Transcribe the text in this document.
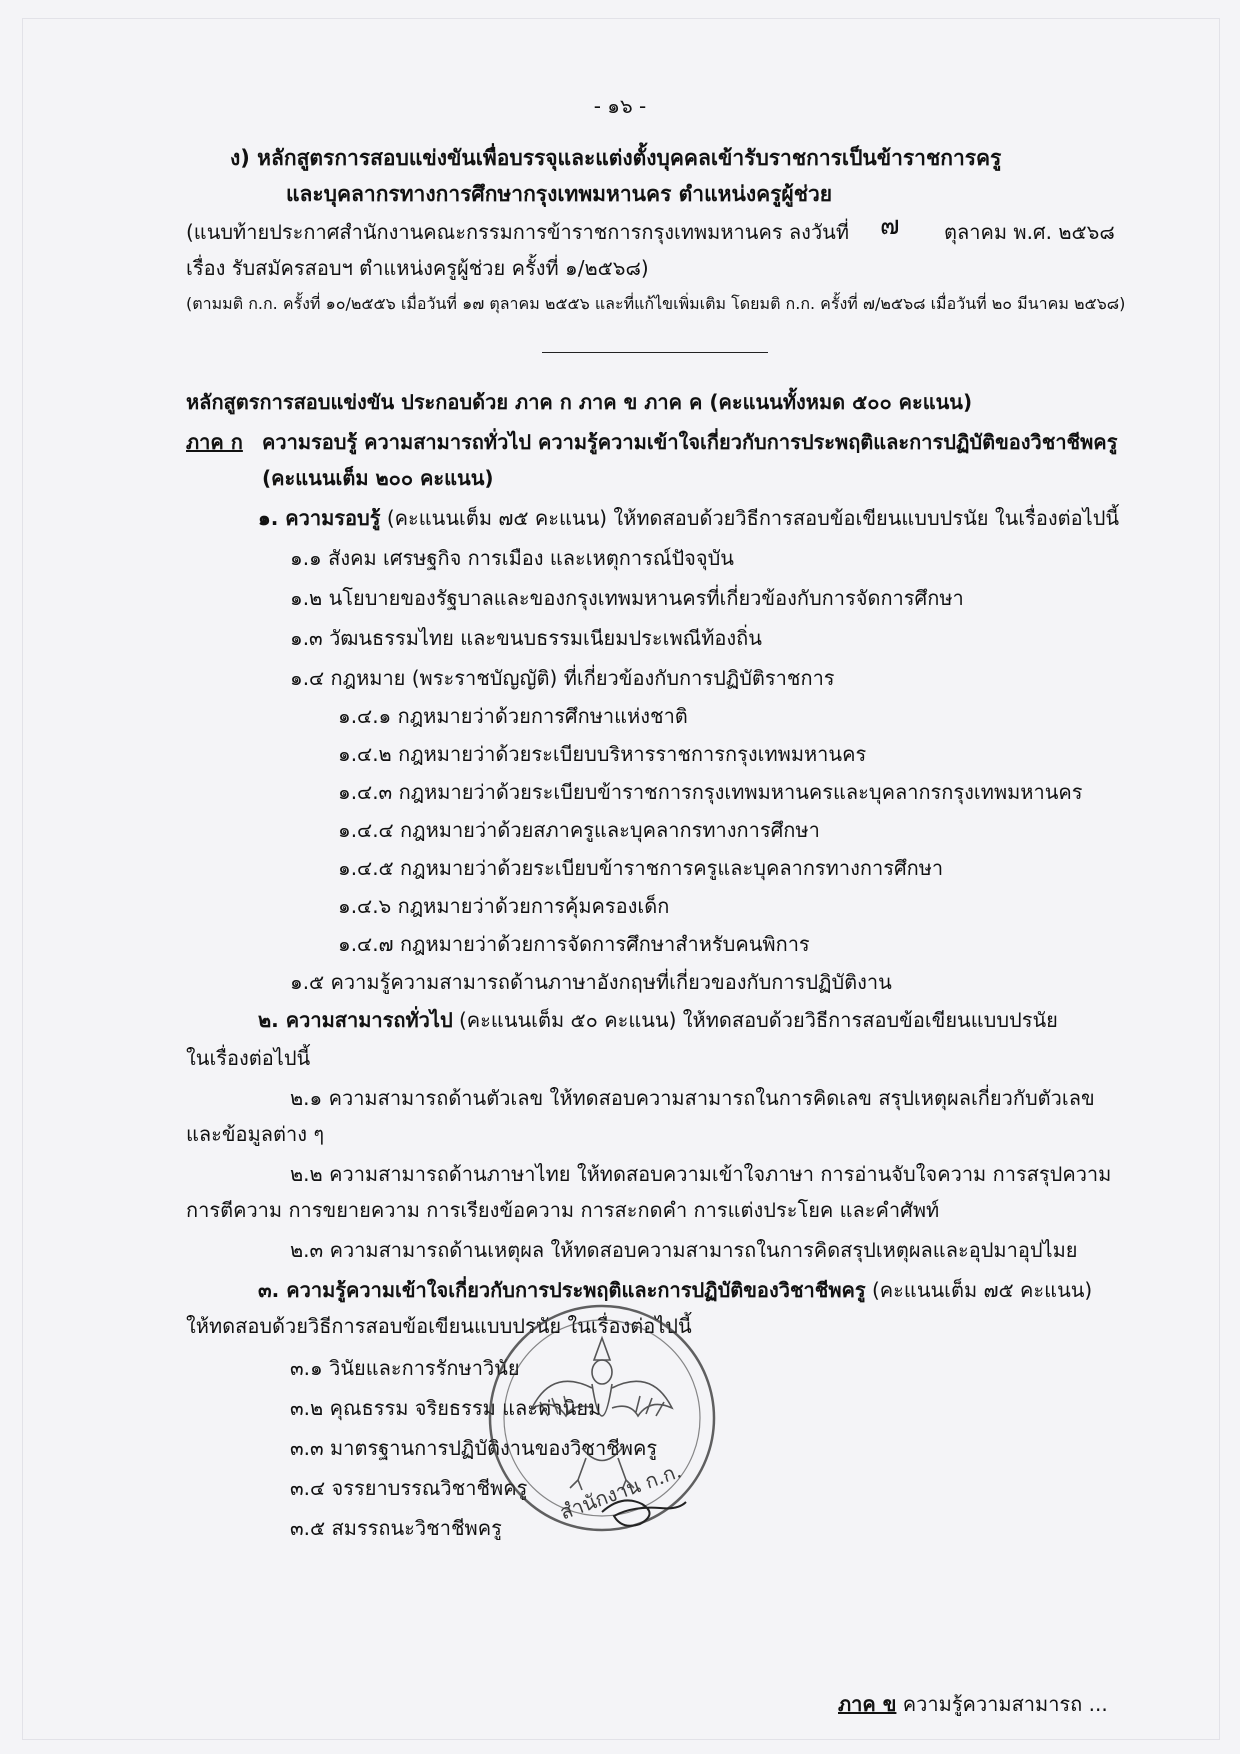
- ๑๖ -
ง) หลักสูตรการสอบแข่งขันเพื่อบรรจุและแต่งตั้งบุคคลเข้ารับราชการเป็นข้าราชการครู
และบุคลากรทางการศึกษากรุงเทพมหานคร ตำแหน่งครูผู้ช่วย
(แนบท้ายประกาศสำนักงานคณะกรรมการข้าราชการกรุงเทพมหานคร ลงวันที่ ๗ ตุลาคม พ.ศ. ๒๕๖๘
เรื่อง รับสมัครสอบฯ ตำแหน่งครูผู้ช่วย ครั้งที่ ๑/๒๕๖๘)
(ตามมติ ก.ก. ครั้งที่ ๑๐/๒๕๕๖ เมื่อวันที่ ๑๗ ตุลาคม ๒๕๕๖ และที่แก้ไขเพิ่มเติม โดยมติ ก.ก. ครั้งที่ ๗/๒๕๖๘ เมื่อวันที่ ๒๐ มีนาคม ๒๕๖๘)
หลักสูตรการสอบแข่งขัน ประกอบด้วย ภาค ก ภาค ข ภาค ค (คะแนนทั้งหมด ๕๐๐ คะแนน)
ภาค ก ความรอบรู้ ความสามารถทั่วไป ความรู้ความเข้าใจเกี่ยวกับการประพฤติและการปฏิบัติของวิชาชีพครู
(คะแนนเต็ม ๒๐๐ คะแนน)
๑. ความรอบรู้ (คะแนนเต็ม ๗๕ คะแนน) ให้ทดสอบด้วยวิธีการสอบข้อเขียนแบบปรนัย ในเรื่องต่อไปนี้
๑.๑ สังคม เศรษฐกิจ การเมือง และเหตุการณ์ปัจจุบัน
๑.๒ นโยบายของรัฐบาลและของกรุงเทพมหานครที่เกี่ยวข้องกับการจัดการศึกษา
๑.๓ วัฒนธรรมไทย และขนบธรรมเนียมประเพณีท้องถิ่น
๑.๔ กฎหมาย (พระราชบัญญัติ) ที่เกี่ยวข้องกับการปฏิบัติราชการ
๑.๔.๑ กฎหมายว่าด้วยการศึกษาแห่งชาติ
๑.๔.๒ กฎหมายว่าด้วยระเบียบบริหารราชการกรุงเทพมหานคร
๑.๔.๓ กฎหมายว่าด้วยระเบียบข้าราชการกรุงเทพมหานครและบุคลากรกรุงเทพมหานคร
๑.๔.๔ กฎหมายว่าด้วยสภาครูและบุคลากรทางการศึกษา
๑.๔.๕ กฎหมายว่าด้วยระเบียบข้าราชการครูและบุคลากรทางการศึกษา
๑.๔.๖ กฎหมายว่าด้วยการคุ้มครองเด็ก
๑.๔.๗ กฎหมายว่าด้วยการจัดการศึกษาสำหรับคนพิการ
๑.๕ ความรู้ความสามารถด้านภาษาอังกฤษที่เกี่ยวของกับการปฏิบัติงาน
๒. ความสามารถทั่วไป (คะแนนเต็ม ๕๐ คะแนน) ให้ทดสอบด้วยวิธีการสอบข้อเขียนแบบปรนัย
ในเรื่องต่อไปนี้
๒.๑ ความสามารถด้านตัวเลข ให้ทดสอบความสามารถในการคิดเลข สรุปเหตุผลเกี่ยวกับตัวเลข
และข้อมูลต่าง ๆ
๒.๒ ความสามารถด้านภาษาไทย ให้ทดสอบความเข้าใจภาษา การอ่านจับใจความ การสรุปความ
การตีความ การขยายความ การเรียงข้อความ การสะกดคำ การแต่งประโยค และคำศัพท์
๒.๓ ความสามารถด้านเหตุผล ให้ทดสอบความสามารถในการคิดสรุปเหตุผลและอุปมาอุปไมย
๓. ความรู้ความเข้าใจเกี่ยวกับการประพฤติและการปฏิบัติของวิชาชีพครู (คะแนนเต็ม ๗๕ คะแนน)
ให้ทดสอบด้วยวิธีการสอบข้อเขียนแบบปรนัย ในเรื่องต่อไปนี้
๓.๑ วินัยและการรักษาวินัย
๓.๒ คุณธรรม จริยธรรม และค่านิยม
๓.๓ มาตรฐานการปฏิบัติงานของวิชาชีพครู
๓.๔ จรรยาบรรณวิชาชีพครู
๓.๕ สมรรถนะวิชาชีพครู
สำนักงาน ก.ก.
ภาค ข ความรู้ความสามารถ ...
